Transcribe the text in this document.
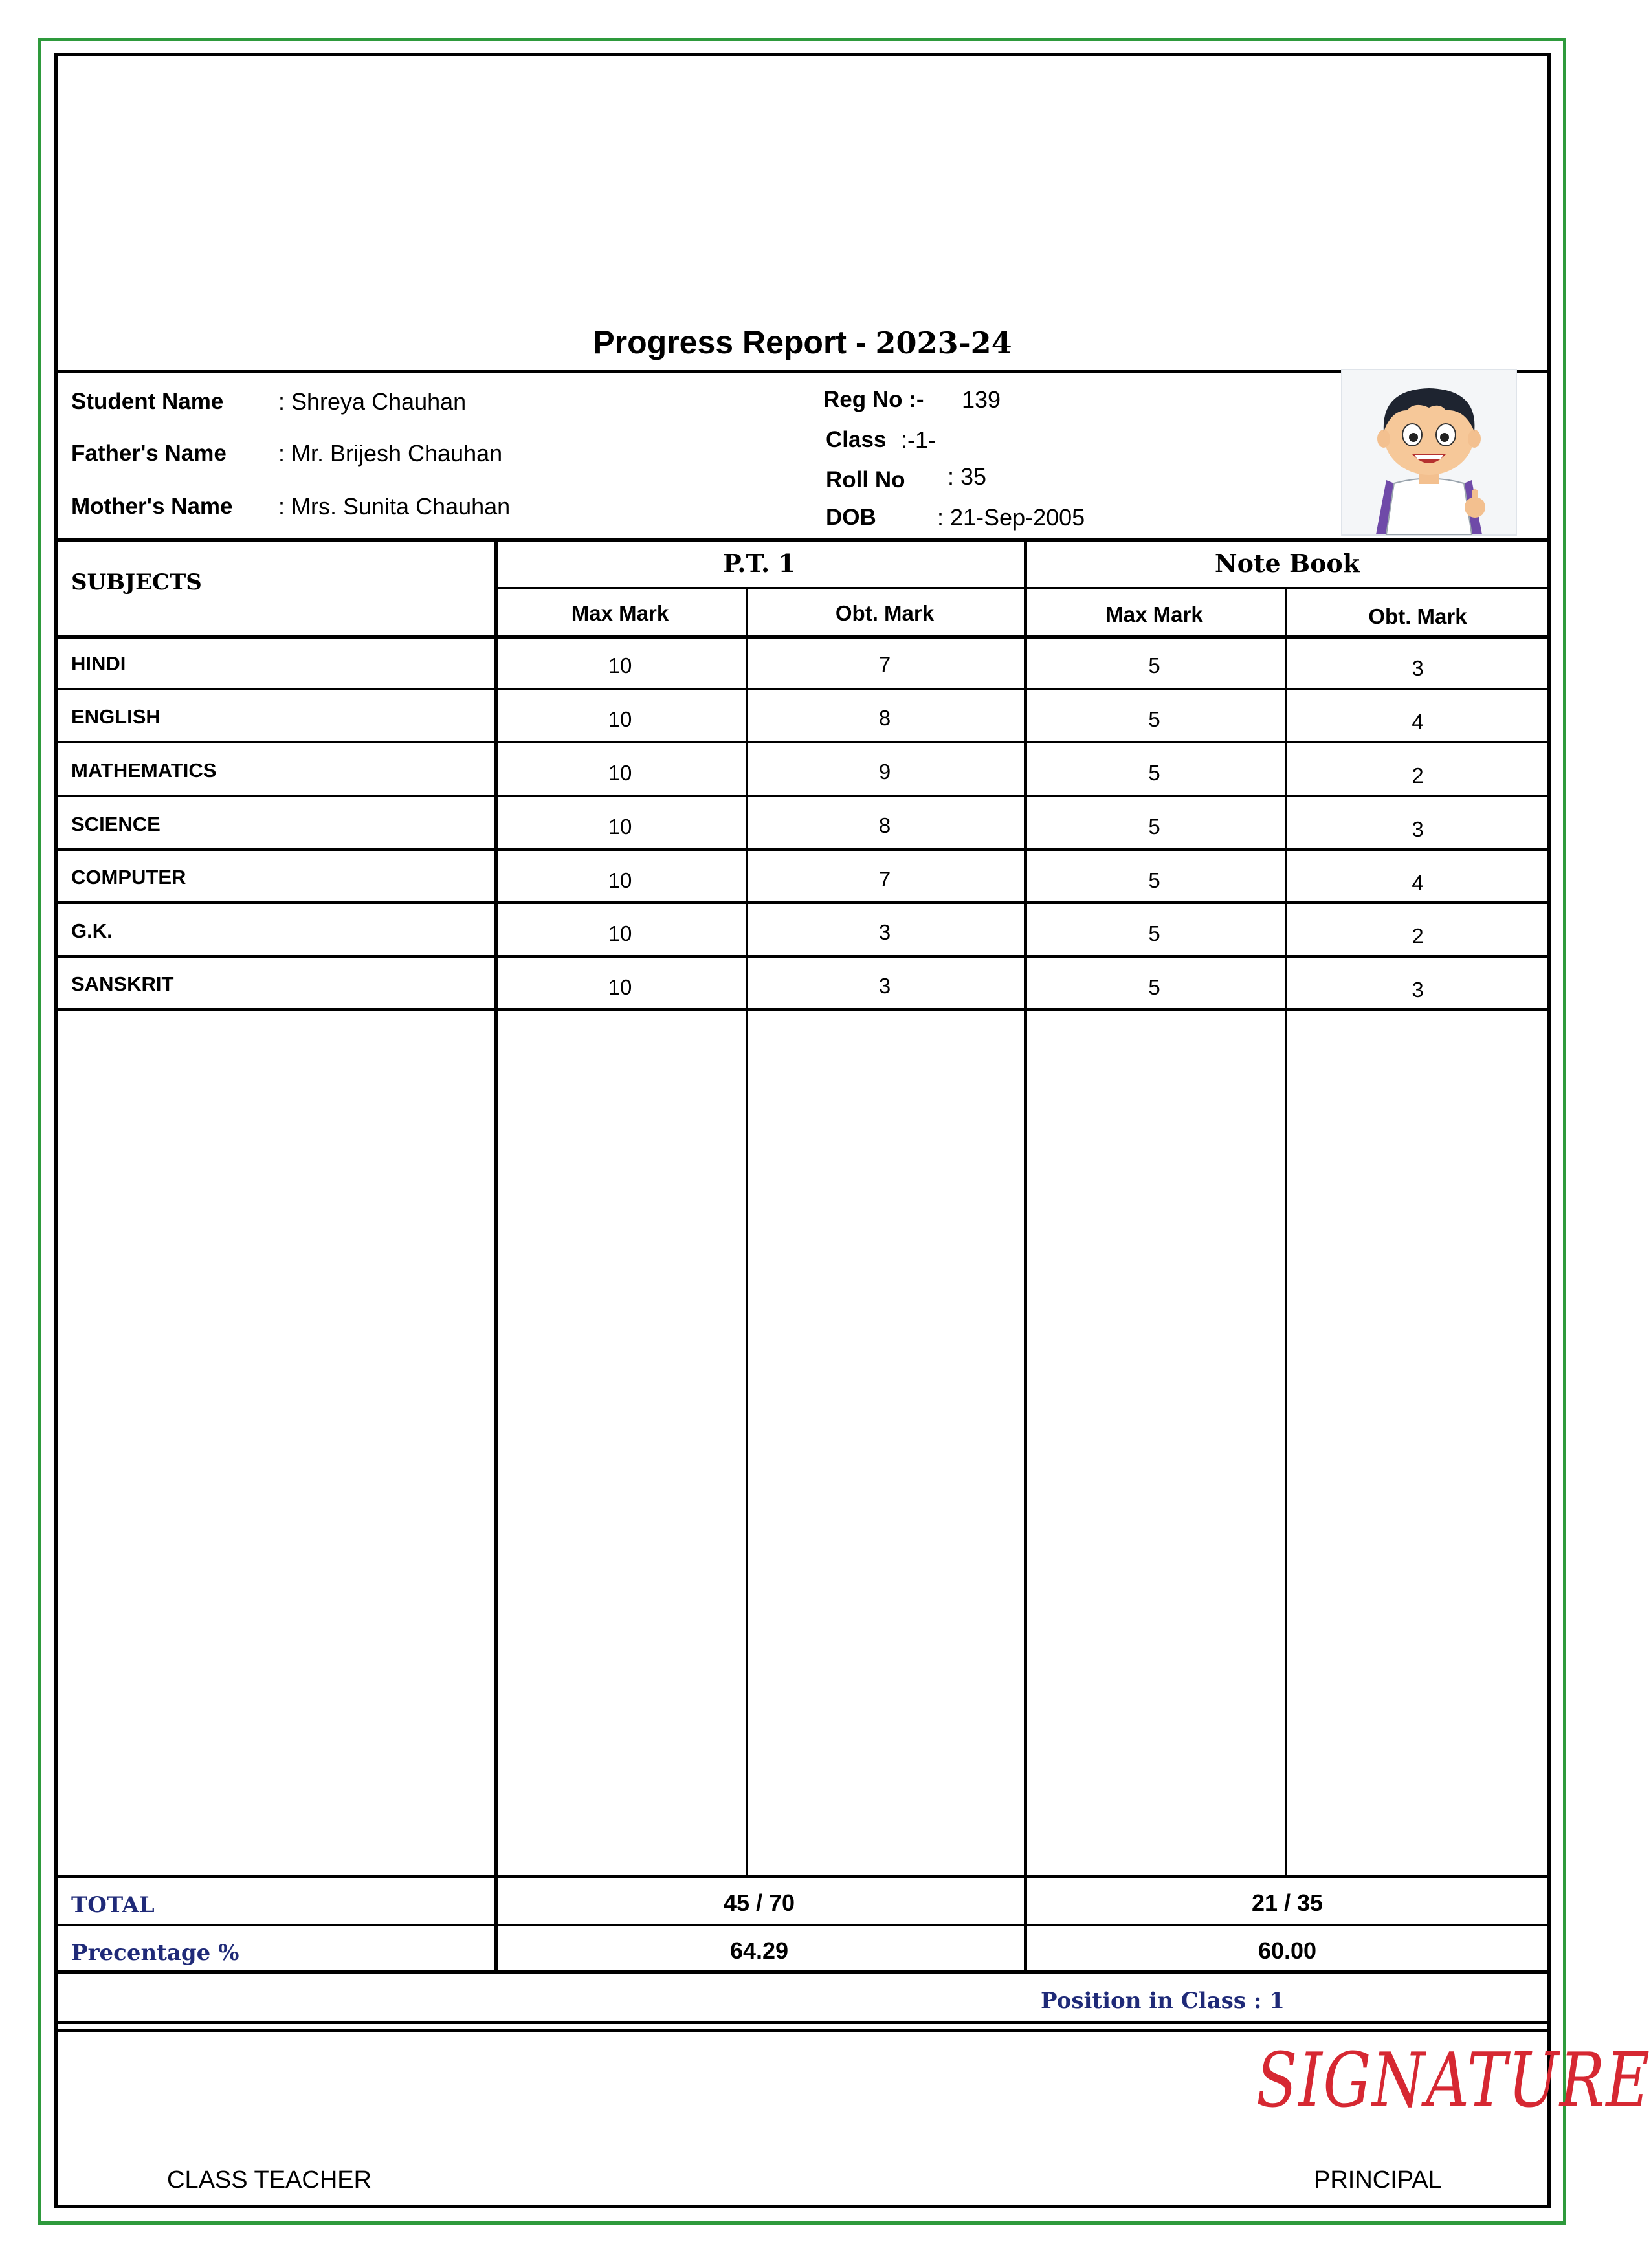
Progress Report - 2023-24
Student Name : Shreya Chauhan
Father's Name : Mr. Brijesh Chauhan
Mother's Name : Mrs. Sunita Chauhan
Reg No :- 139
Class :-1-
Roll No : 35
DOB	: 21-Sep-2005
SUBJECTS
P.T. 1	Note Book
Max Mark	Obt. Mark	Max Mark	Obt. Mark
HINDI	10	7	5	3
ENGLISH	10	8	5	4
MATHEMATICS	10	9	5	2
SCIENCE	10	8	5	3
COMPUTER	10	7	5	4
G.K.	10	3	5	2
SANSKRIT	10	3	5	3
TOTAL	45 / 70	21 / 35
Precentage %	64.29	60.00
Position in Class : 1
SIGNATURE
CLASS TEACHER	PRINCIPAL
